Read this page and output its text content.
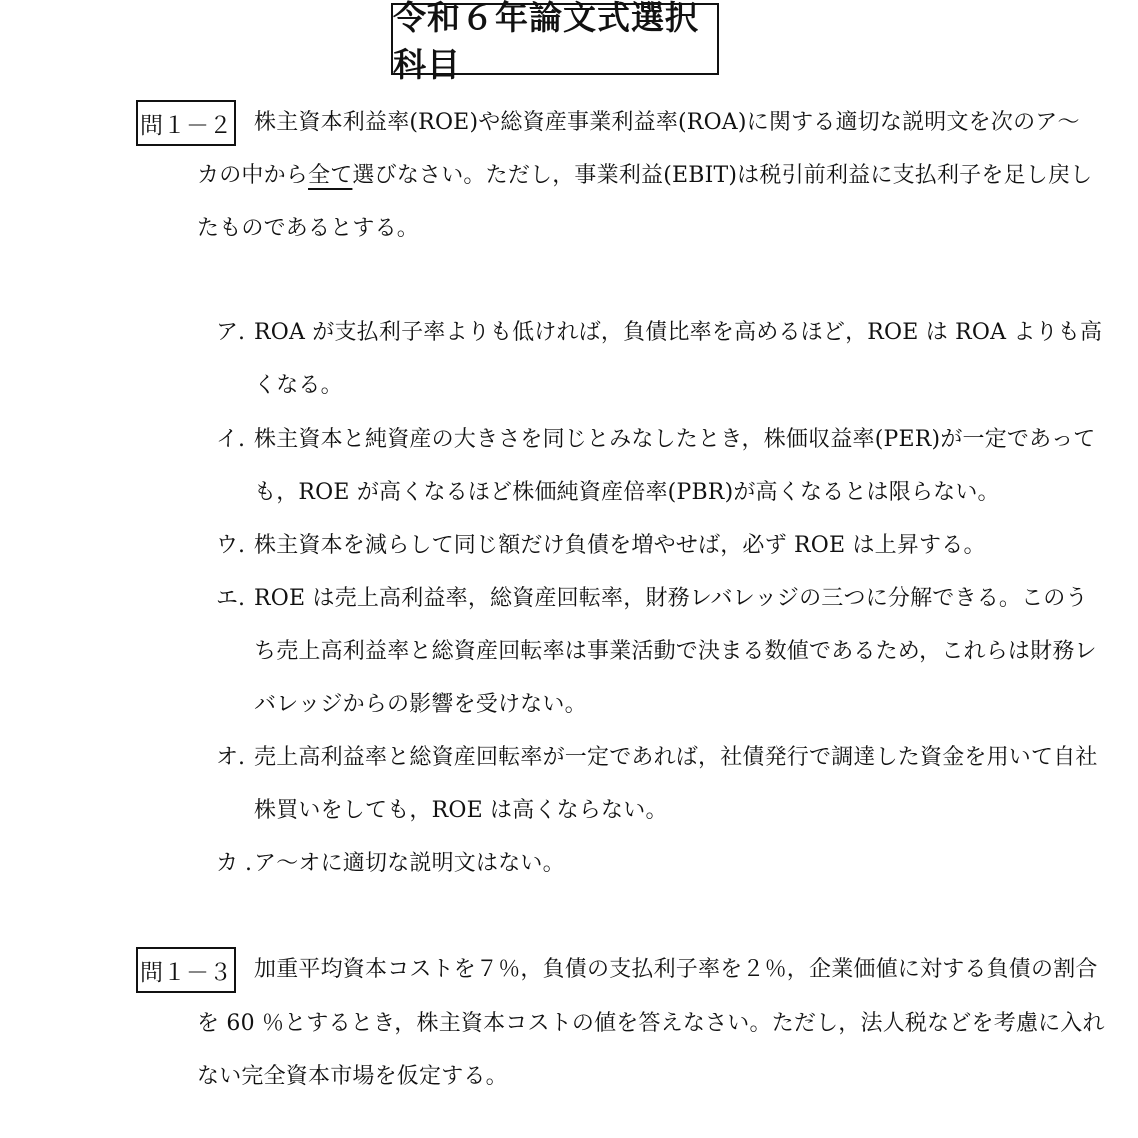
令和６年論文式選択科目
問１－２ 株主資本利益率(ROE)や総資産事業利益率(ROA)に関する適切な説明文を次のア～
カの中から全て選びなさい。ただし，事業利益(EBIT)は税引前利益に支払利子を足し戻し
たものであるとする。
ア. ROA が支払利子率よりも低ければ，負債比率を高めるほど，ROE は ROA よりも高
くなる。
イ. 株主資本と純資産の大きさを同じとみなしたとき，株価収益率(PER)が一定であって
も，ROE が高くなるほど株価純資産倍率(PBR)が高くなるとは限らない。
ウ. 株主資本を減らして同じ額だけ負債を増やせば，必ず ROE は上昇する。
エ. ROE は売上高利益率，総資産回転率，財務レバレッジの三つに分解できる。このう
ち売上高利益率と総資産回転率は事業活動で決まる数値であるため，これらは財務レ
バレッジからの影響を受けない。
オ. 売上高利益率と総資産回転率が一定であれば，社債発行で調達した資金を用いて自社
株買いをしても，ROE は高くならない。
カ . ア～オに適切な説明文はない。
問１－３ 加重平均資本コストを７％，負債の支払利子率を２％，企業価値に対する負債の割合
を 60 ％とするとき，株主資本コストの値を答えなさい。ただし，法人税などを考慮に入れ
ない完全資本市場を仮定する。
